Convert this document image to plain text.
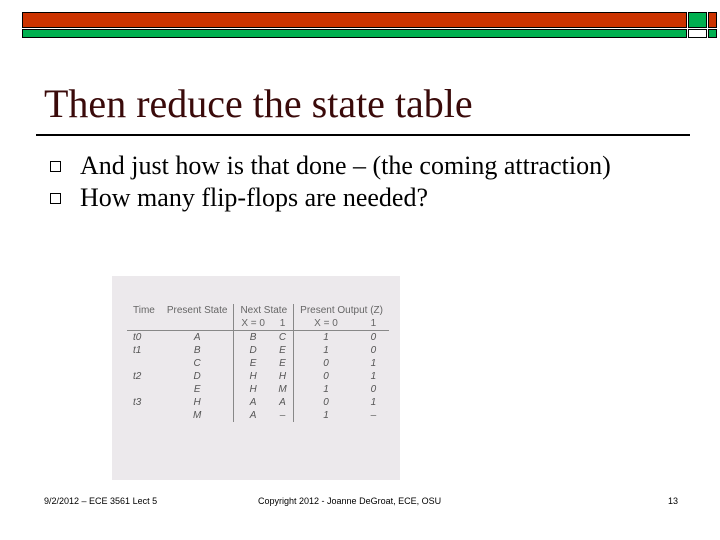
Then reduce the state table
And just how is that done – (the coming attraction)
How many flip-flops are needed?
Time	Present State	Next State		Present Output (Z)	
		X = 0	1	X = 0	1
t0	A	B	C	1	0
t1	B	D	E	1	0
	C	E	E	0	1
t2	D	H	H	0	1
	E	H	M	1	0
t3	H	A	A	0	1
	M	A	–	1	–
9/2/2012 – ECE 3561 Lect 5	Copyright 2012 - Joanne DeGroat, ECE, OSU	13
